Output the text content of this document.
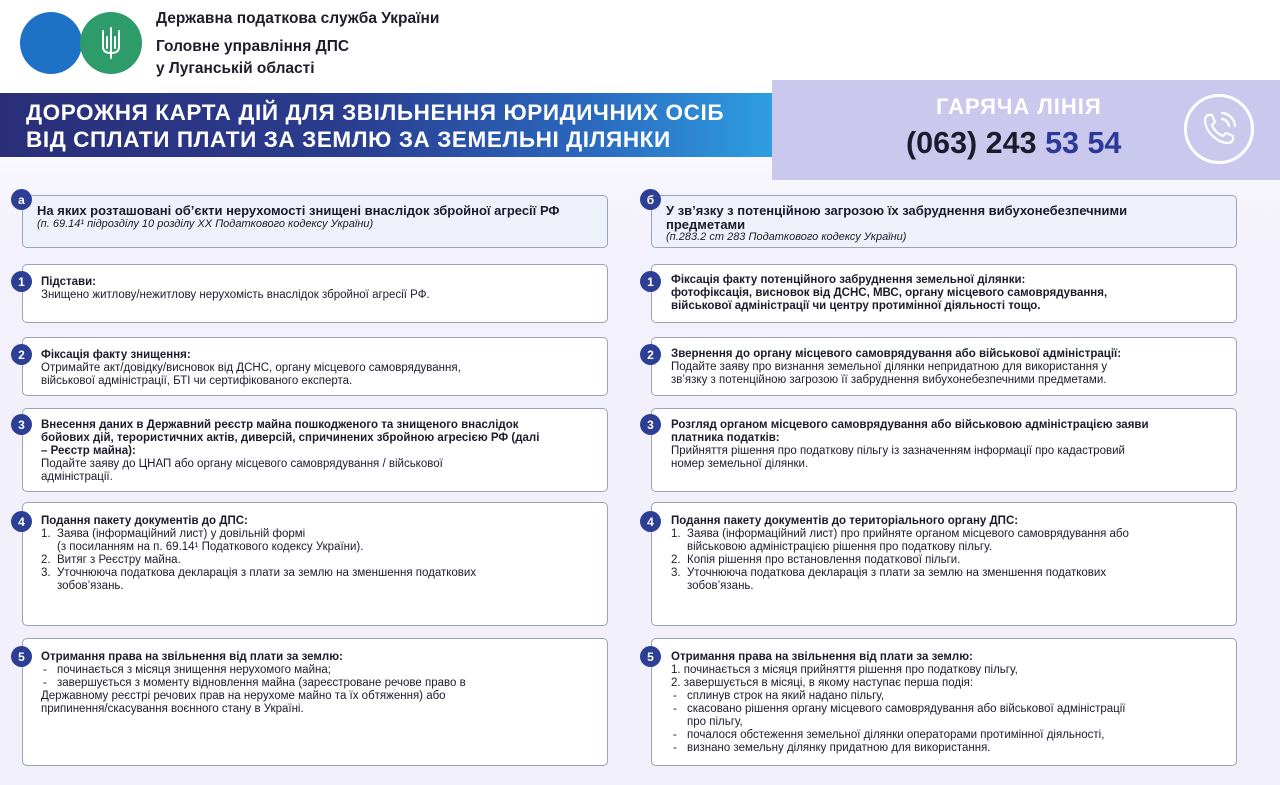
Державна податкова служба України
Головне управління ДПС
у Луганській області
ДОРОЖНЯ КАРТА ДІЙ ДЛЯ ЗВІЛЬНЕННЯ ЮРИДИЧНИХ ОСІБ
ВІД СПЛАТИ ПЛАТИ ЗА ЗЕМЛЮ ЗА ЗЕМЕЛЬНІ ДІЛЯНКИ
ГАРЯЧА ЛІНІЯ
(063) 243 53 54
На яких розташовані об’єкти нерухомості знищені внаслідок збройної агресії РФ
(п. 69.14¹ підрозділу 10 розділу ХХ Податкового кодексу України)
а
Підстави:
Знищено житлову/нежитлову нерухомість внаслідок збройної агресії РФ.
1
Фіксація факту знищення:
Отримайте акт/довідку/висновок від ДСНС, органу місцевого самоврядування,
військової адміністрації, БТІ чи сертифікованого експерта.
2
Внесення даних в Державний реєстр майна пошкодженого та знищеного внаслідок
бойових дій, терористичних актів, диверсій, спричинених збройною агресією РФ (далі
– Реєстр майна):
Подайте заяву до ЦНАП або органу місцевого самоврядування / військової
адміністрації.
3
Подання пакету документів до ДПС:
1. Заява (інформаційний лист) у довільній формі
(з посиланням на п. 69.14¹ Податкового кодексу України).
2. Витяг з Реєстру майна.
3. Уточнююча податкова декларація з плати за землю на зменшення податкових
зобов’язань.
4
Отримання права на звільнення від плати за землю:
- починається з місяця знищення нерухомого майна;
- завершується з моменту відновлення майна (зареєстроване речове право в
Державному реєстрі речових прав на нерухоме майно та їх обтяження) або
припинення/скасування воєнного стану в Україні.
5
У зв’язку з потенційною загрозою їх забруднення вибухонебезпечними
предметами
(п.283.2 ст 283 Податкового кодексу України)
б
Фіксація факту потенційного забруднення земельної ділянки:
фотофіксація, висновок від ДСНС, МВС, органу місцевого самоврядування,
військової адміністрації чи центру протимінної діяльності тощо.
1
Звернення до органу місцевого самоврядування або військової адміністрації:
Подайте заяву про визнання земельної ділянки непридатною для використання у
зв’язку з потенційною загрозою її забруднення вибухонебезпечними предметами.
2
Розгляд органом місцевого самоврядування або військовою адміністрацією заяви
платника податків:
Прийняття рішення про податкову пільгу із зазначенням інформації про кадастровий
номер земельної ділянки.
3
Подання пакету документів до територіального органу ДПС:
1. Заява (інформаційний лист) про прийняте органом місцевого самоврядування або
військовою адміністрацією рішення про податкову пільгу.
2. Копія рішення про встановлення податкової пільги.
3. Уточнююча податкова декларація з плати за землю на зменшення податкових
зобов’язань.
4
Отримання права на звільнення від плати за землю:
1. починається з місяця прийняття рішення про податкову пільгу,
2. завершується в місяці, в якому наступає перша подія:
- сплинув строк на який надано пільгу,
- скасовано рішення органу місцевого самоврядування або військової адміністрації
про пільгу,
- почалося обстеження земельної ділянки операторами протимінної діяльності,
- визнано земельну ділянку придатною для використання.
5
